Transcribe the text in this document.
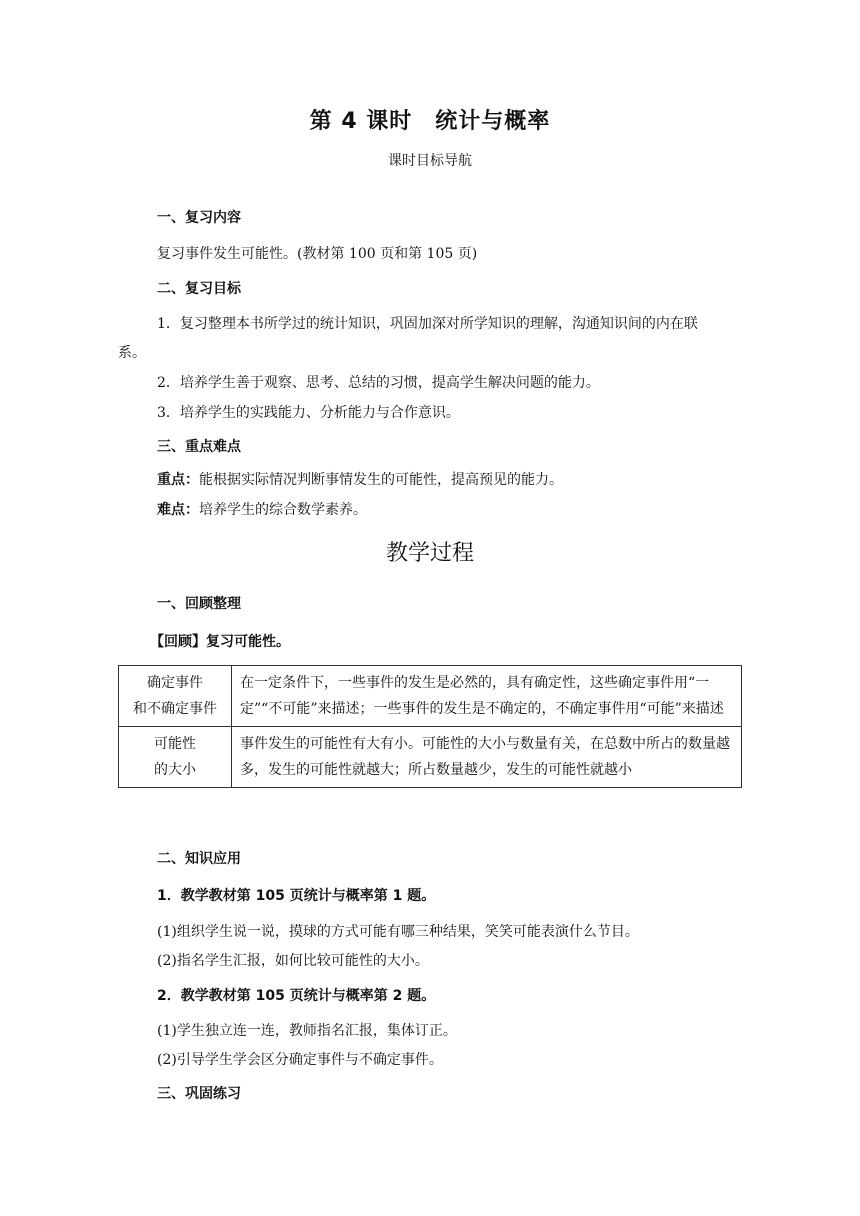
第 4 课时　统计与概率
课时目标导航
一、复习内容
复习事件发生可能性。(教材第 100 页和第 105 页)
二、复习目标
1．复习整理本书所学过的统计知识，巩固加深对所学知识的理解，沟通知识间的内在联
系。
2．培养学生善于观察、思考、总结的习惯，提高学生解决问题的能力。
3．培养学生的实践能力、分析能力与合作意识。
三、重点难点
重点：能根据实际情况判断事情发生的可能性，提高预见的能力。
难点：培养学生的综合数学素养。
教学过程
一、回顾整理
【回顾】复习可能性。
确定事件
和不确定事件	在一定条件下，一些事件的发生是必然的，具有确定性，这些确定事件用“一定”“不可能”来描述；一些事件的发生是不确定的，不确定事件用“可能”来描述

可能性
的大小	事件发生的可能性有大有小。可能性的大小与数量有关，在总数中所占的数量越多，发生的可能性就越大；所占数量越少，发生的可能性就越小
二、知识应用
1．教学教材第 105 页统计与概率第 1 题。
(1)组织学生说一说，摸球的方式可能有哪三种结果，笑笑可能表演什么节目。
(2)指名学生汇报，如何比较可能性的大小。
2．教学教材第 105 页统计与概率第 2 题。
(1)学生独立连一连，教师指名汇报，集体订正。
(2)引导学生学会区分确定事件与不确定事件。
三、巩固练习
